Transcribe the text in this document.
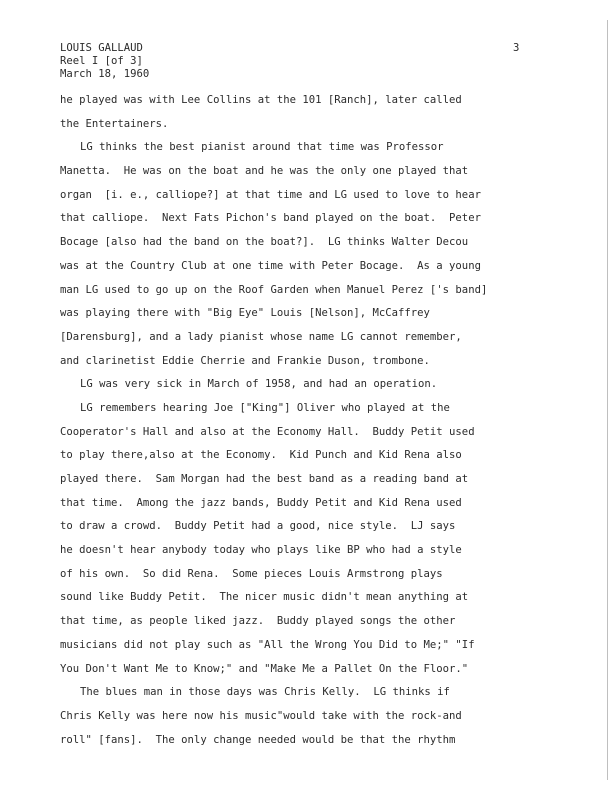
LOUIS GALLAUD
Reel I [of 3]
March 18, 1960
3
he played was with Lee Collins at the 101 [Ranch], later called
the Entertainers.
LG thinks the best pianist around that time was Professor
Manetta.  He was on the boat and he was the only one played that
organ  [i. e., calliope?] at that time and LG used to love to hear
that calliope.  Next Fats Pichon's band played on the boat.  Peter
Bocage [also had the band on the boat?].  LG thinks Walter Decou
was at the Country Club at one time with Peter Bocage.  As a young
man LG used to go up on the Roof Garden when Manuel Perez ['s band]
was playing there with "Big Eye" Louis [Nelson], McCaffrey
[Darensburg], and a lady pianist whose name LG cannot remember,
and clarinetist Eddie Cherrie and Frankie Duson, trombone.
LG was very sick in March of 1958, and had an operation.
LG remembers hearing Joe ["King"] Oliver who played at the
Cooperator's Hall and also at the Economy Hall.  Buddy Petit used
to play there,also at the Economy.  Kid Punch and Kid Rena also
played there.  Sam Morgan had the best band as a reading band at
that time.  Among the jazz bands, Buddy Petit and Kid Rena used
to draw a crowd.  Buddy Petit had a good, nice style.  LJ says
he doesn't hear anybody today who plays like BP who had a style
of his own.  So did Rena.  Some pieces Louis Armstrong plays
sound like Buddy Petit.  The nicer music didn't mean anything at
that time, as people liked jazz.  Buddy played songs the other
musicians did not play such as "All the Wrong You Did to Me;" "If
You Don't Want Me to Know;" and "Make Me a Pallet On the Floor."
The blues man in those days was Chris Kelly.  LG thinks if
Chris Kelly was here now his music"would take with the rock-and
roll" [fans].  The only change needed would be that the rhythm
